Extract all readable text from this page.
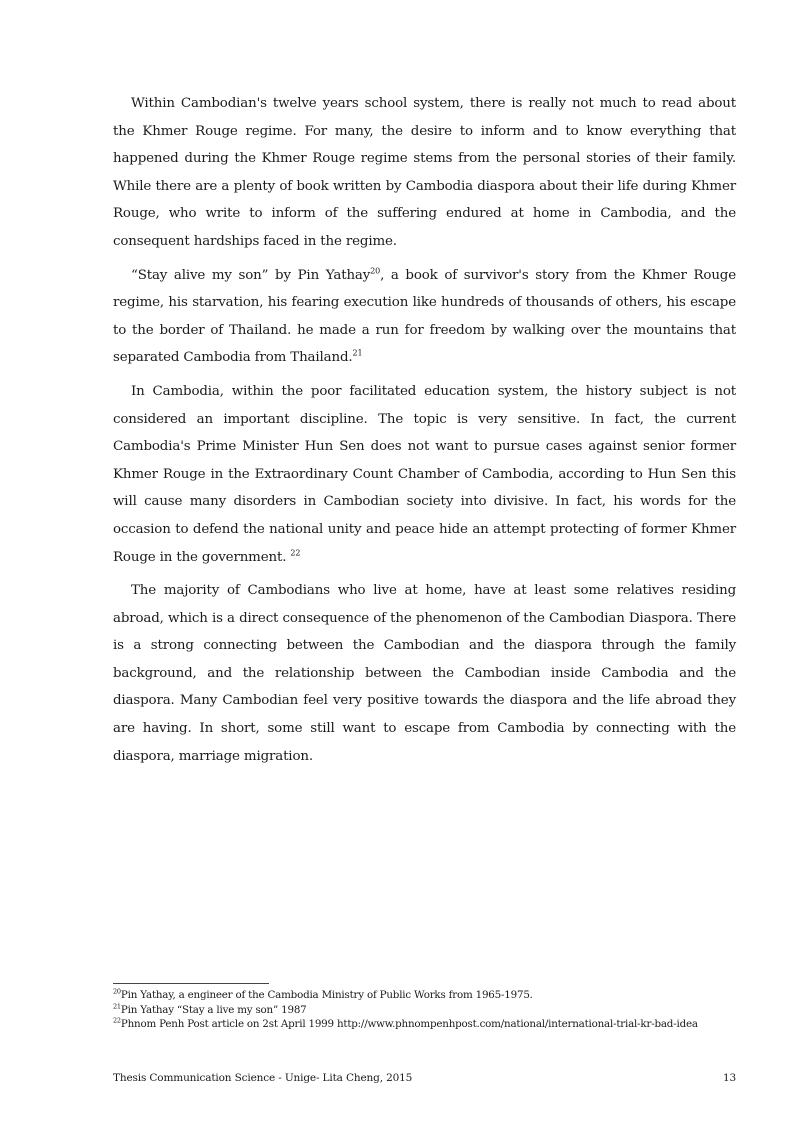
Within Cambodian's twelve years school system, there is really not much to read about the Khmer Rouge regime. For many, the desire to inform and to know everything that happened during the Khmer Rouge regime stems from the personal stories of their family. While there are a plenty of book written by Cambodia diaspora about their life during Khmer Rouge, who write to inform of the suffering endured at home in Cambodia, and the consequent hardships faced in the regime.

“Stay alive my son” by Pin Yathay$^{20}$, a book of survivor's story from the Khmer Rouge regime, his starvation, his fearing execution like hundreds of thousands of others, his escape to the border of Thailand. he made a run for freedom by walking over the mountains that separated Cambodia from Thailand.$^{21}$

In Cambodia, within the poor facilitated education system, the history subject is not considered an important discipline. The topic is very sensitive. In fact, the current Cambodia's Prime Minister Hun Sen does not want to pursue cases against senior former Khmer Rouge in the Extraordinary Count Chamber of Cambodia, according to Hun Sen this will cause many disorders in Cambodian society into divisive. In fact, his words for the occasion to defend the national unity and peace hide an attempt protecting of former Khmer Rouge in the government. $^{22}$

The majority of Cambodians who live at home, have at least some relatives residing abroad, which is a direct consequence of the phenomenon of the Cambodian Diaspora. There is a strong connecting between the Cambodian and the diaspora through the family background, and the relationship between the Cambodian inside Cambodia and the diaspora. Many Cambodian feel very positive towards the diaspora and the life abroad they are having. In short, some still want to escape from Cambodia by connecting with the diaspora, marriage migration.

$^{20}$Pin Yathay, a engineer of the Cambodia Ministry of Public Works from 1965-1975.
$^{21}$Pin Yathay “Stay a live my son” 1987
$^{22}$Phnom Penh Post article on 2st April 1999 http://www.phnompenhpost.com/national/international-trial-kr-bad-idea
Thesis Communication Science - Unige- Lita Cheng, 2015	13
